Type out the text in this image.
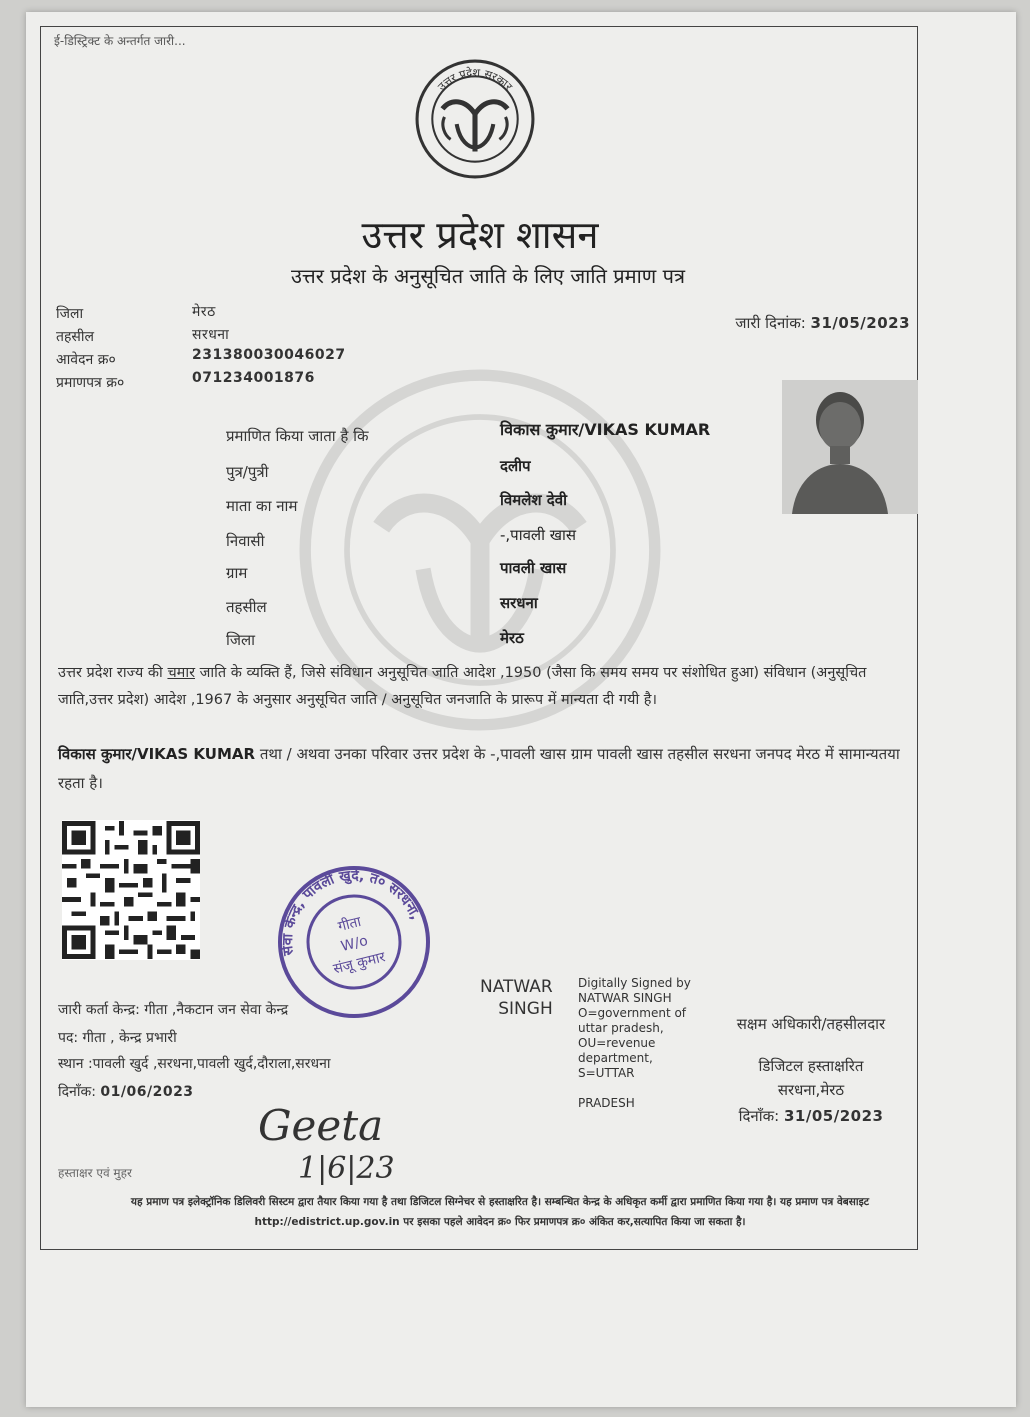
ई-डिस्ट्रिक्ट के अन्तर्गत जारी...
उत्तर प्रदेश सरकार
उत्तर प्रदेश शासन
उत्तर प्रदेश के अनुसूचित जाति के लिए जाति प्रमाण पत्र
जिला	मेरठ
तहसील	सरधना
आवेदन क्र०	231380030046027
प्रमाणपत्र क्र०	071234001876
जारी दिनांक: 31/05/2023
प्रमाणित किया जाता है कि	विकास कुमार/VIKAS KUMAR
पुत्र/पुत्री	दलीप
माता का नाम	विमलेश देवी
निवासी	-,पावली खास
ग्राम	पावली खास
तहसील	सरधना
जिला	मेरठ
उत्तर प्रदेश राज्य की चमार जाति के व्यक्ति हैं, जिसे संविधान अनुसूचित जाति आदेश ,1950 (जैसा कि समय समय पर संशोधित हुआ) संविधान (अनुसूचित जाति,उत्तर प्रदेश) आदेश ,1967 के अनुसार अनुसूचित जाति / अनुसूचित जनजाति के प्रारूप में मान्यता दी गयी है।
विकास कुमार/VIKAS KUMAR तथा / अथवा उनका परिवार उत्तर प्रदेश के -,पावली खास ग्राम पावली खास तहसील सरधना जनपद मेरठ में सामान्यतया रहता है।
सेवा केन्द्र, पावली खुर्द, त० सरधना,
गीता
W/o
संजू कुमार
जारी कर्ता केन्द्र: गीता ,नैकटान जन सेवा केन्द्र
पद: गीता , केन्द्र प्रभारी
स्थान :पावली खुर्द ,सरधना,पावली खुर्द,दौराला,सरधना
दिनाँक: 01/06/2023
Geeta
1|6|23
हस्ताक्षर एवं मुहर
NATWAR
SINGH
Digitally Signed by
NATWAR SINGH
O=government of
uttar pradesh,
OU=revenue
department,
S=UTTAR
PRADESH
सक्षम अधिकारी/तहसीलदार
डिजिटल हस्ताक्षरित
सरधना,मेरठ
दिनाँक: 31/05/2023
यह प्रमाण पत्र इलेक्ट्रॉनिक डिलिवरी सिस्टम द्वारा तैयार किया गया है तथा डिजिटल सिग्नेचर से हस्ताक्षरित है। सम्बन्धित केन्द्र के अधिकृत कर्मी द्वारा प्रमाणित किया गया है। यह प्रमाण पत्र वेबसाइट http://edistrict.up.gov.in पर इसका पहले आवेदन क्र० फिर प्रमाणपत्र क्र० अंकित कर,सत्यापित किया जा सकता है।
